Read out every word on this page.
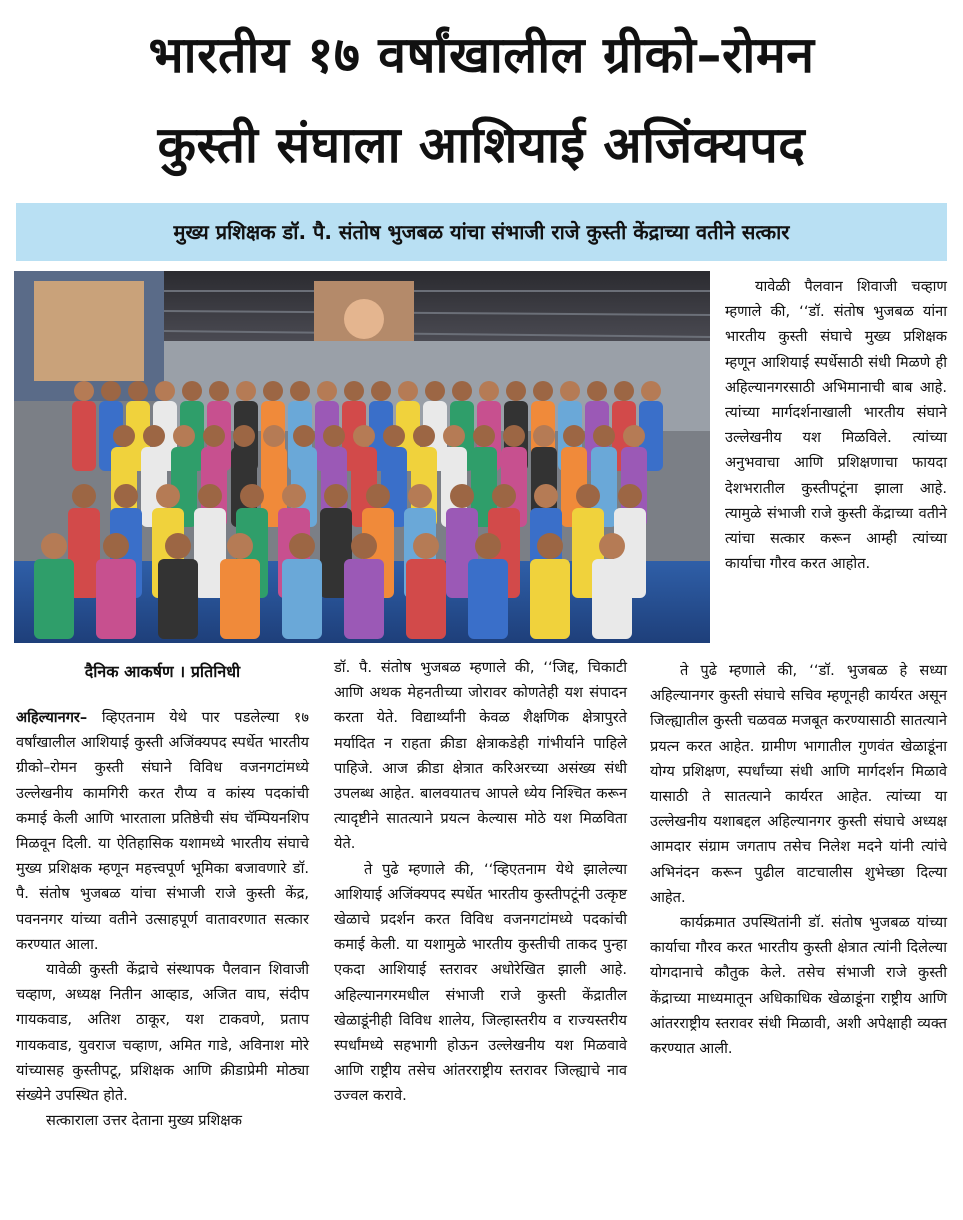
भारतीय १७ वर्षांखालील ग्रीको–रोमन
कुस्ती संघाला आशियाई अजिंक्यपद
मुख्य प्रशिक्षक डॉ. पै. संतोष भुजबळ यांचा संभाजी राजे कुस्ती केंद्राच्या वतीने सत्कार
दैनिक आकर्षण । प्रतिनिधी

अहिल्यानगर– व्हिएतनाम येथे पार पडलेल्या १७ वर्षांखालील आशियाई कुस्ती अजिंक्यपद स्पर्धेत भारतीय ग्रीको–रोमन कुस्ती संघाने विविध वजनगटांमध्ये उल्लेखनीय कामगिरी करत रौप्य व कांस्य पदकांची कमाई केली आणि भारताला प्रतिष्ठेची संघ चॅम्पियनशिप मिळवून दिली. या ऐतिहासिक यशामध्ये भारतीय संघाचे मुख्य प्रशिक्षक म्हणून महत्त्वपूर्ण भूमिका बजावणारे डॉ. पै. संतोष भुजबळ यांचा संभाजी राजे कुस्ती केंद्र, पवननगर यांच्या वतीने उत्साहपूर्ण वातावरणात सत्कार करण्यात आला.

यावेळी कुस्ती केंद्राचे संस्थापक पैलवान शिवाजी चव्हाण, अध्यक्ष नितीन आव्हाड, अजित वाघ, संदीप गायकवाड, अतिश ठाकूर, यश टाकवणे, प्रताप गायकवाड, युवराज चव्हाण, अमित गाडे, अविनाश मोरे यांच्यासह कुस्तीपटू, प्रशिक्षक आणि क्रीडाप्रेमी मोठ्या संख्येने उपस्थित होते.

सत्काराला उत्तर देताना मुख्य प्रशिक्षक

डॉ. पै. संतोष भुजबळ म्हणाले की, ‘‘जिद्द, चिकाटी आणि अथक मेहनतीच्या जोरावर कोणतेही यश संपादन करता येते. विद्यार्थ्यांनी केवळ शैक्षणिक क्षेत्रापुरते मर्यादित न राहता क्रीडा क्षेत्राकडेही गांभीर्याने पाहिले पाहिजे. आज क्रीडा क्षेत्रात करिअरच्या असंख्य संधी उपलब्ध आहेत. बालवयातच आपले ध्येय निश्चित करून त्यादृष्टीने सातत्याने प्रयत्न केल्यास मोठे यश मिळविता येते.

ते पुढे म्हणाले की, ‘‘व्हिएतनाम येथे झालेल्या आशियाई अजिंक्यपद स्पर्धेत भारतीय कुस्तीपटूंनी उत्कृष्ट खेळाचे प्रदर्शन करत विविध वजनगटांमध्ये पदकांची कमाई केली. या यशामुळे भारतीय कुस्तीची ताकद पुन्हा एकदा आशियाई स्तरावर अधोरेखित झाली आहे. अहिल्यानगरमधील संभाजी राजे कुस्ती केंद्रातील खेळाडूंनीही विविध शालेय, जिल्हास्तरीय व राज्यस्तरीय स्पर्धांमध्ये सहभागी होऊन उल्लेखनीय यश मिळवावे आणि राष्ट्रीय तसेच आंतरराष्ट्रीय स्तरावर जिल्ह्याचे नाव उज्वल करावे.

यावेळी पैलवान शिवाजी चव्हाण म्हणाले की, ‘‘डॉ. संतोष भुजबळ यांना भारतीय कुस्ती संघाचे मुख्य प्रशिक्षक म्हणून आशियाई स्पर्धेसाठी संधी मिळणे ही अहिल्यानगरसाठी अभिमानाची बाब आहे. त्यांच्या मार्गदर्शनाखाली भारतीय संघाने उल्लेखनीय यश मिळविले. त्यांच्या अनुभवाचा आणि प्रशिक्षणाचा फायदा देशभरातील कुस्तीपटूंना झाला आहे. त्यामुळे संभाजी राजे कुस्ती केंद्राच्या वतीने त्यांचा सत्कार करून आम्ही त्यांच्या कार्याचा गौरव करत आहोत.

ते पुढे म्हणाले की, ‘‘डॉ. भुजबळ हे सध्या अहिल्यानगर कुस्ती संघाचे सचिव म्हणूनही कार्यरत असून जिल्ह्यातील कुस्ती चळवळ मजबूत करण्यासाठी सातत्याने प्रयत्न करत आहेत. ग्रामीण भागातील गुणवंत खेळाडूंना योग्य प्रशिक्षण, स्पर्धांच्या संधी आणि मार्गदर्शन मिळावे यासाठी ते सातत्याने कार्यरत आहेत. त्यांच्या या उल्लेखनीय यशाबद्दल अहिल्यानगर कुस्ती संघाचे अध्यक्ष आमदार संग्राम जगताप तसेच निलेश मदने यांनी त्यांचे अभिनंदन करून पुढील वाटचालीस शुभेच्छा दिल्या आहेत.

कार्यक्रमात उपस्थितांनी डॉ. संतोष भुजबळ यांच्या कार्याचा गौरव करत भारतीय कुस्ती क्षेत्रात त्यांनी दिलेल्या योगदानाचे कौतुक केले. तसेच संभाजी राजे कुस्ती केंद्राच्या माध्यमातून अधिकाधिक खेळाडूंना राष्ट्रीय आणि आंतरराष्ट्रीय स्तरावर संधी मिळावी, अशी अपेक्षाही व्यक्त करण्यात आली.
